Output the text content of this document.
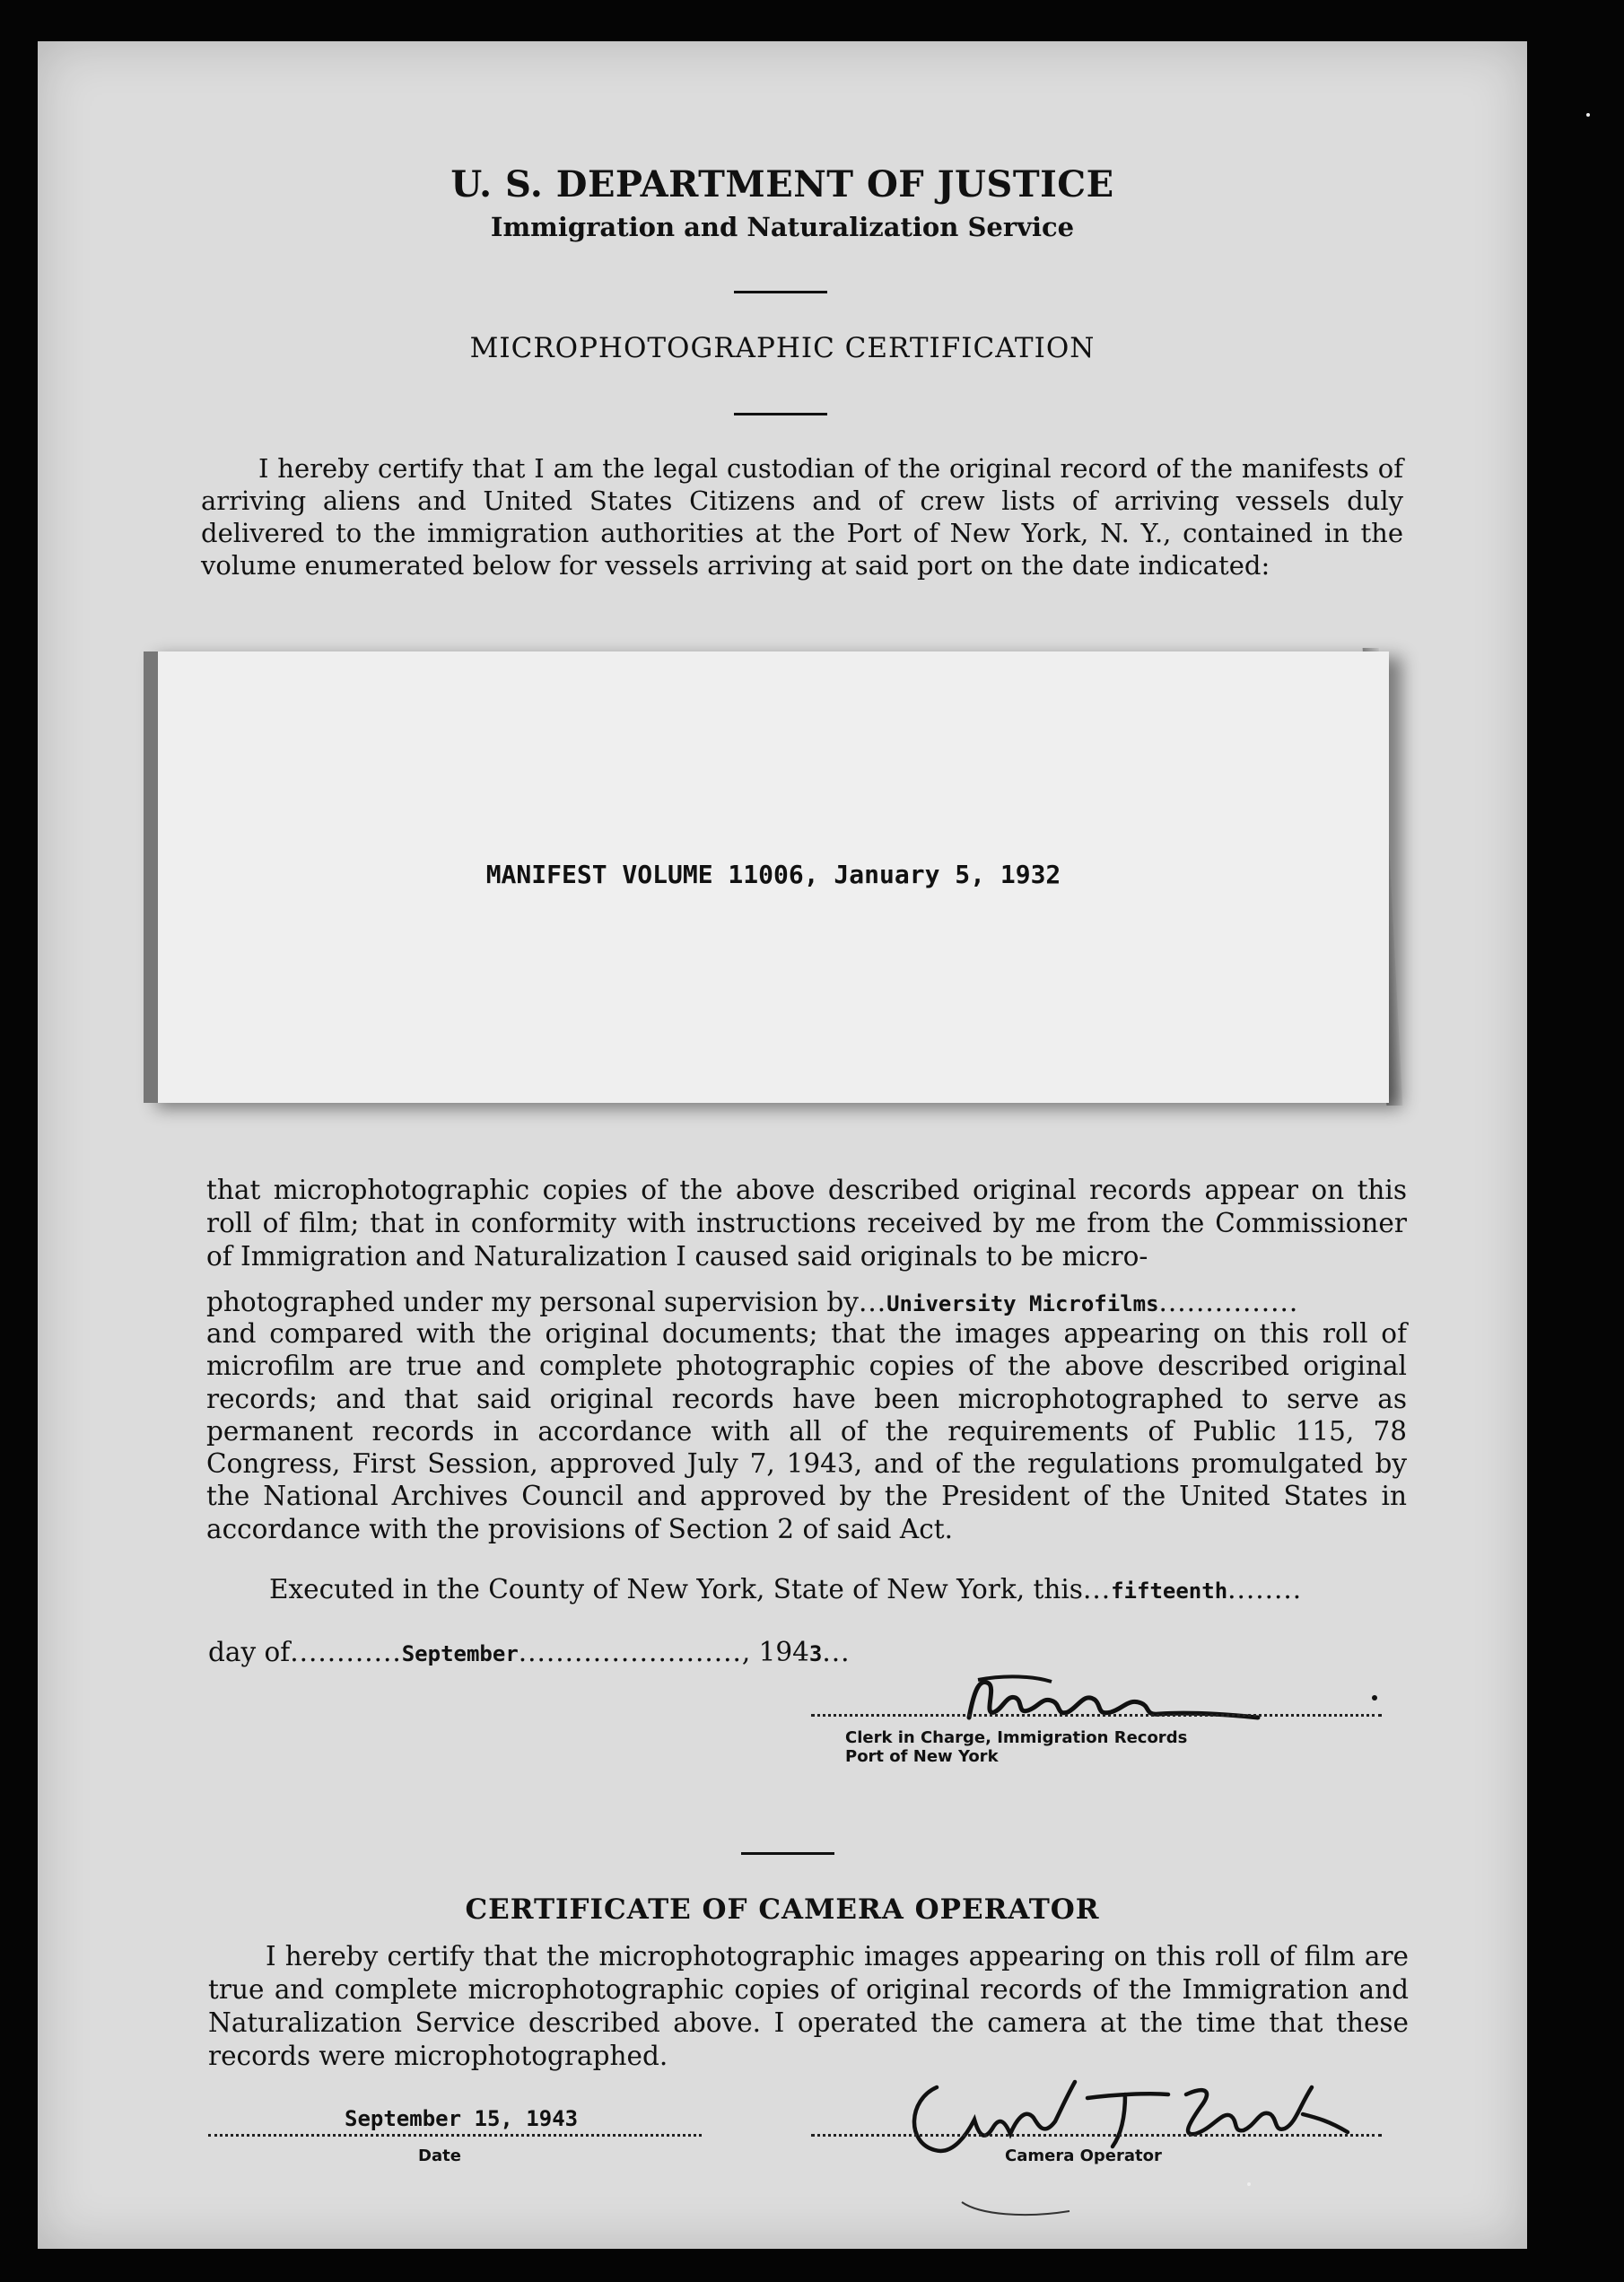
U. S. DEPARTMENT OF JUSTICE
Immigration and Naturalization Service
MICROPHOTOGRAPHIC CERTIFICATION

I hereby certify that I am the legal custodian of the original record of the manifests of arriving aliens and United States Citizens and of crew lists of arriving vessels duly delivered to the immigration authorities at the Port of New York, N. Y., contained in the volume enumerated below for vessels arriving at said port on the date indicated:

MANIFEST VOLUME 11006, January 5, 1932

that microphotographic copies of the above described original records appear on this roll of film; that in conformity with instructions received by me from the Commissioner of Immigration and Naturalization I caused said originals to be micro-

photographed under my personal supervision by...University Microfilms...............

and compared with the original documents; that the images appearing on this roll of microfilm are true and complete photographic copies of the above described original records; and that said original records have been microphotographed to serve as permanent records in accordance with all of the requirements of Public 115, 78 Congress, First Session, approved July 7, 1943, and of the regulations promulgated by the National Archives Council and approved by the President of the United States in accordance with the provisions of Section 2 of said Act.

Executed in the County of New York, State of New York, this...fifteenth........
day of............September........................, 1943...
Clerk in Charge, Immigration Records
Port of New York
CERTIFICATE OF CAMERA OPERATOR

I hereby certify that the microphotographic images appearing on this roll of film are true and complete microphotographic copies of original records of the Immigration and Naturalization Service described above. I operated the camera at the time that these records were microphotographed.

September 15, 1943
Date	Camera Operator
